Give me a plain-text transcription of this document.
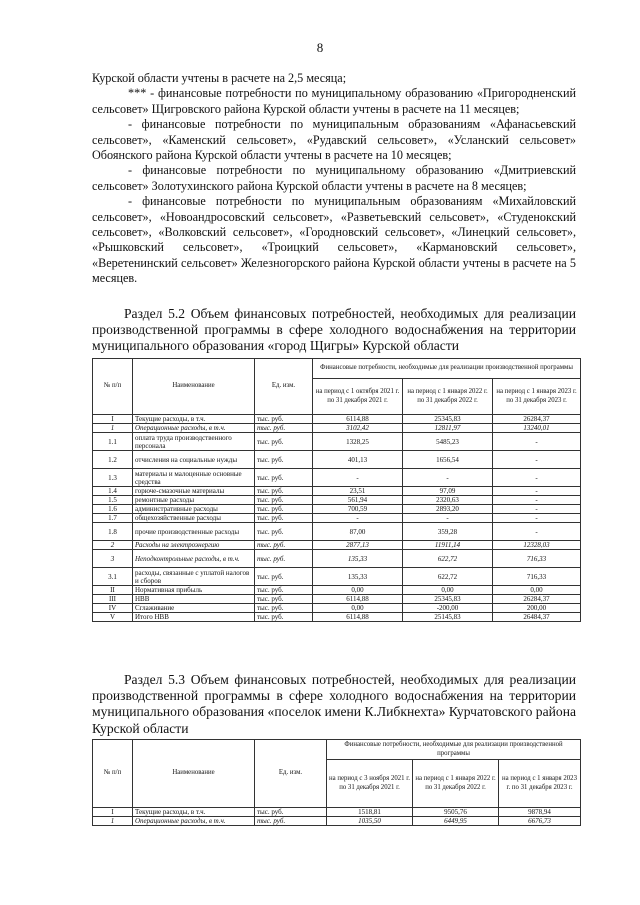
8

Курской области учтены в расчете на 2,5 месяца;

*** - финансовые потребности по муниципальному образованию «Пригородненский сельсовет» Щигровского района Курской области учтены в расчете на 11 месяцев;

- финансовые потребности по муниципальным образованиям «Афанасьевский сельсовет», «Каменский сельсовет», «Рудавский сельсовет», «Усланский сельсовет» Обоянского района Курской области учтены в расчете на 10 месяцев;

- финансовые потребности по муниципальному образованию «Дмитриевский сельсовет» Золотухинского района Курской области учтены в расчете на 8 месяцев;

- финансовые потребности по муниципальным образованиям «Михайловский сельсовет», «Новоандросовский сельсовет», «Разветьевский сельсовет», «Студенокский сельсовет», «Волковский сельсовет», «Городновский сельсовет», «Линецкий сельсовет», «Рышковский сельсовет», «Троицкий сельсовет», «Кармановский сельсовет», «Веретенинский сельсовет» Железногорского района Курской области учтены в расчете на 5 месяцев.

Раздел 5.2 Объем финансовых потребностей, необходимых для реализации производственной программы в сфере холодного водоснабжения на территории муниципального образования «город Щигры» Курской области

№ п/п	Наименование	Ед. изм.	Финансовые потребности, необходимые для реализации производственной программы		
			на период с 1 октября 2021 г. по 31 декабря 2021 г.	на период с 1 января 2022 г. по 31 декабря 2022 г.	на период с 1 января 2023 г. по 31 декабря 2023 г.
I	Текущие расходы, в т.ч.	тыс. руб.	6114,88	25345,83	26284,37
1	Операционные расходы, в т.ч.	тыс. руб.	3102,42	12811,97	13240,01
1.1	оплата труда производственного персонала	тыс. руб.	1328,25	5485,23	-
1.2	отчисления на социальные нужды	тыс. руб.	401,13	1656,54	-
1.3	материалы и малоценные основные средства	тыс. руб.	-	-	-
1.4	горюче-смазочные материалы	тыс. руб.	23,51	97,09	-
1.5	ремонтные расходы	тыс. руб.	561,94	2320,63	-
1.6	административные расходы	тыс. руб.	700,59	2893,20	-
1.7	общехозяйственные расходы	тыс. руб.	-	-	-
1.8	прочие производственные расходы	тыс. руб.	87,00	359,28	-
2	Расходы на электроэнергию	тыс. руб.	2877,13	11911,14	12328,03
3	Неподконтрольные расходы, в т.ч.	тыс. руб.	135,33	622,72	716,33
3.1	расходы, связанные с уплатой налогов и сборов	тыс. руб.	135,33	622,72	716,33
II	Нормативная прибыль	тыс. руб.	0,00	0,00	0,00
III	НВВ	тыс. руб.	6114,88	25345,83	26284,37
IV	Сглаживание	тыс. руб.	0,00	-200,00	200,00
V	Итого НВВ	тыс. руб.	6114,88	25145,83	26484,37

Раздел 5.3 Объем финансовых потребностей, необходимых для реализации производственной программы в сфере холодного водоснабжения на территории муниципального образования «поселок имени К.Либкнехта» Курчатовского района Курской области

№ п/п	Наименование	Ед. изм.	Финансовые потребности, необходимые для реализации производственной программы		
			на период с 3 ноября 2021 г. по 31 декабря 2021 г.	на период с 1 января 2022 г. по 31 декабря 2022 г.	на период с 1 января 2023 г. по 31 декабря 2023 г.
I	Текущие расходы, в т.ч.	тыс. руб.	1518,81	9505,76	9878,94
1	Операционные расходы, в т.ч.	тыс. руб.	1035,50	6449,95	6676,73
